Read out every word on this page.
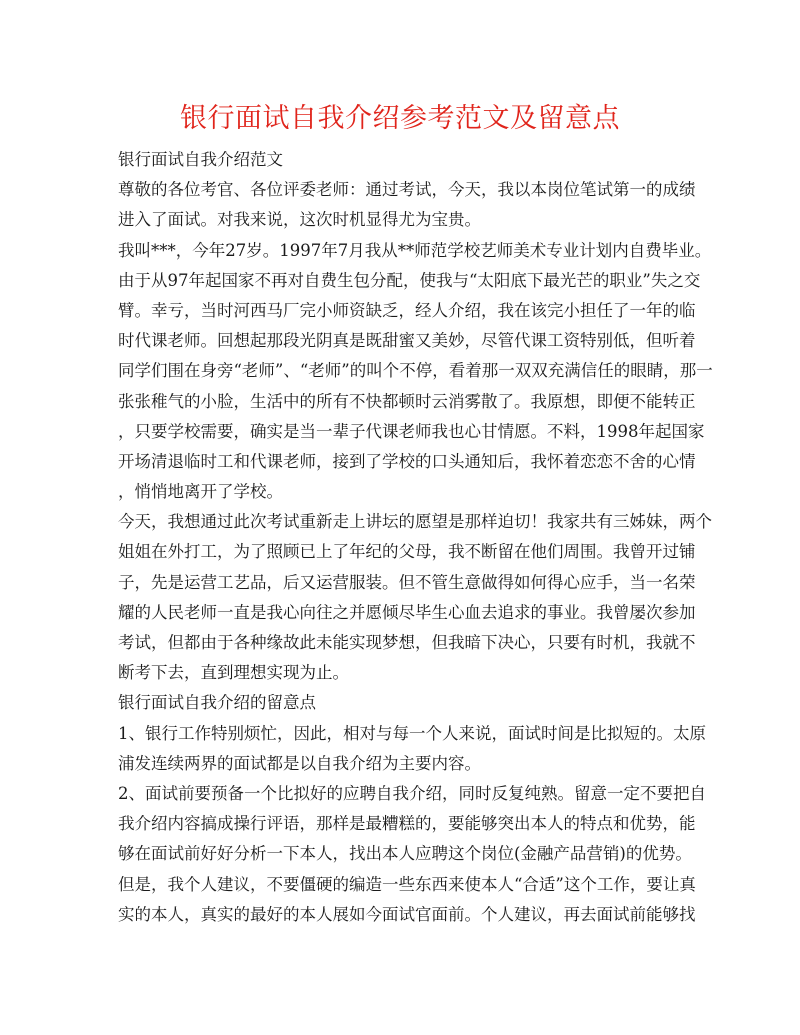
银行面试自我介绍参考范文及留意点
银行面试自我介绍范文
尊敬的各位考官、各位评委老师：通过考试，今天，我以本岗位笔试第一的成绩
进入了面试。对我来说，这次时机显得尤为宝贵。
我叫***，今年27岁。1997年7月我从**师范学校艺师美术专业计划内自费毕业。
由于从97年起国家不再对自费生包分配，使我与“太阳底下最光芒的职业”失之交
臂。幸亏，当时河西马厂完小师资缺乏，经人介绍，我在该完小担任了一年的临
时代课老师。回想起那段光阴真是既甜蜜又美妙，尽管代课工资特别低，但听着
同学们围在身旁“老师”、“老师”的叫个不停，看着那一双双充满信任的眼睛，那一
张张稚气的小脸，生活中的所有不快都顿时云消雾散了。我原想，即便不能转正
，只要学校需要，确实是当一辈子代课老师我也心甘情愿。不料，1998年起国家
开场清退临时工和代课老师，接到了学校的口头通知后，我怀着恋恋不舍的心情
，悄悄地离开了学校。
今天，我想通过此次考试重新走上讲坛的愿望是那样迫切！我家共有三姊妹，两个
姐姐在外打工，为了照顾已上了年纪的父母，我不断留在他们周围。我曾开过铺
子，先是运营工艺品，后又运营服装。但不管生意做得如何得心应手，当一名荣
耀的人民老师一直是我心向往之并愿倾尽毕生心血去追求的事业。我曾屡次参加
考试，但都由于各种缘故此未能实现梦想，但我暗下决心，只要有时机，我就不
断考下去，直到理想实现为止。
银行面试自我介绍的留意点
1、银行工作特别烦忙，因此，相对与每一个人来说，面试时间是比拟短的。太原
浦发连续两界的面试都是以自我介绍为主要内容。
2、面试前要预备一个比拟好的应聘自我介绍，同时反复纯熟。留意一定不要把自
我介绍内容搞成操行评语，那样是最糟糕的，要能够突出本人的特点和优势，能
够在面试前好好分析一下本人，找出本人应聘这个岗位(金融产品营销)的优势。
但是，我个人建议，不要僵硬的编造一些东西来使本人“合适”这个工作，要让真
实的本人，真实的最好的本人展如今面试官面前。个人建议，再去面试前能够找
